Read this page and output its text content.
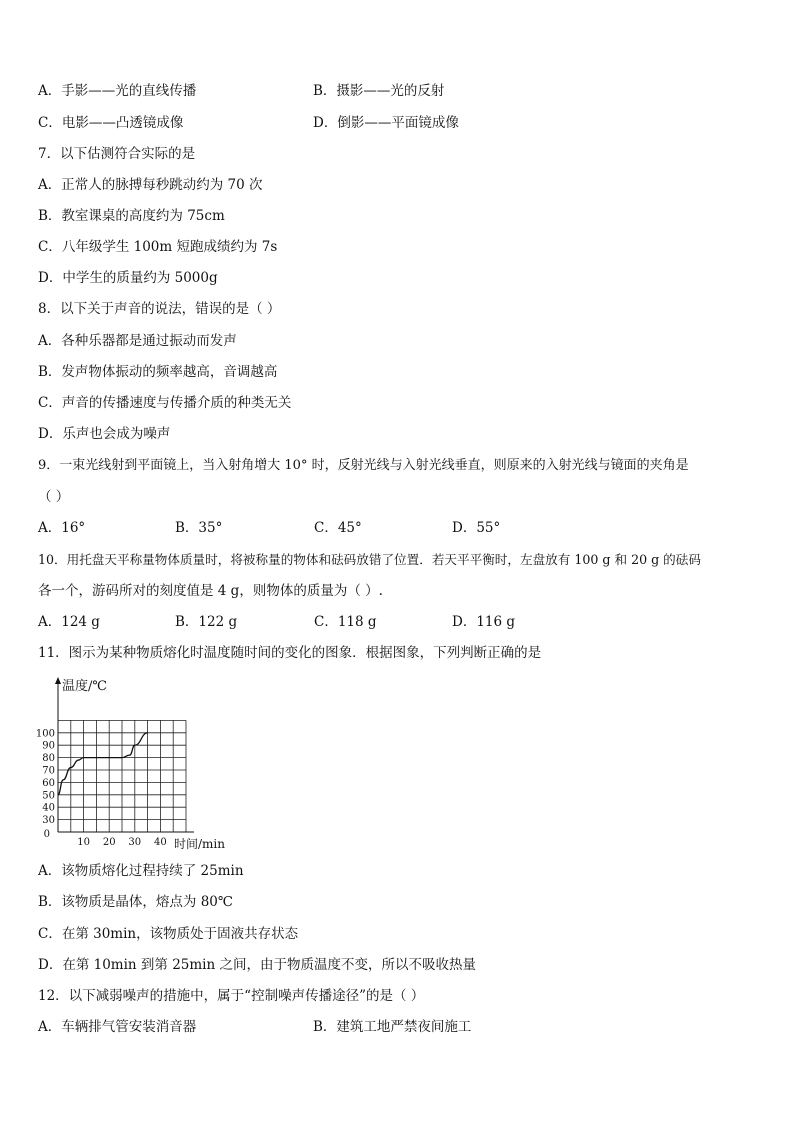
A．手影——光的直线传播	B．摄影——光的反射
C．电影——凸透镜成像	D．倒影——平面镜成像
7．以下估测符合实际的是
A．正常人的脉搏每秒跳动约为 70 次
B．教室课桌的高度约为 75cm
C．八年级学生 100m 短跑成绩约为 7s
D．中学生的质量约为 5000g
8．以下关于声音的说法，错误的是（ ）
A．各种乐器都是通过振动而发声
B．发声物体振动的频率越高，音调越高
C．声音的传播速度与传播介质的种类无关
D．乐声也会成为噪声
9．一束光线射到平面镜上，当入射角增大 10° 时，反射光线与入射光线垂直，则原来的入射光线与镜面的夹角是
（ ）
A．16°	B．35°	C．45°	D．55°
10．用托盘天平称量物体质量时，将被称量的物体和砝码放错了位置．若天平平衡时，左盘放有 100 g 和 20 g 的砝码
各一个，游码所对的刻度值是 4 g，则物体的质量为（ ）.
A．124 g	B．122 g	C．118 g	D．116 g
11．图示为某种物质熔化时温度随时间的变化的图象．根据图象，下列判断正确的是
温度/℃
30
40
50
60
70
80
90
100
0
10 20 30 40 时间/min
A．该物质熔化过程持续了 25min
B．该物质是晶体，熔点为 80℃
C．在第 30min，该物质处于固液共存状态
D．在第 10min 到第 25min 之间，由于物质温度不变，所以不吸收热量
12．以下减弱噪声的措施中，属于“控制噪声传播途径”的是（ ）
A．车辆排气管安装消音器	B．建筑工地严禁夜间施工
